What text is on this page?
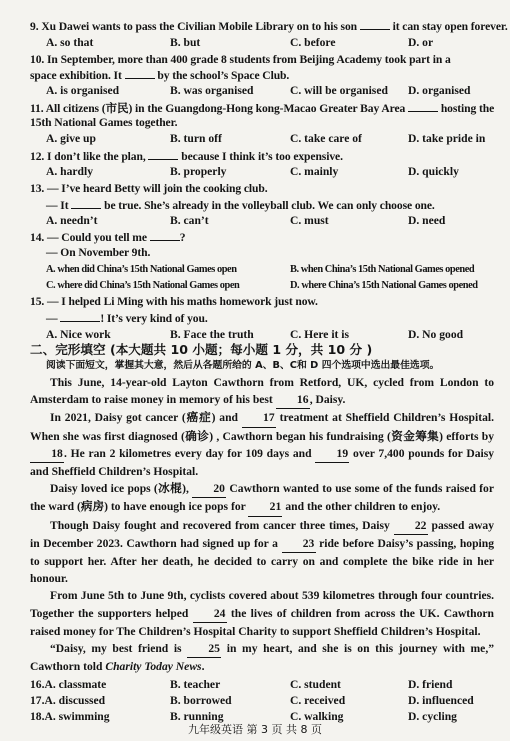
9. Xu Dawei wants to pass the Civilian Mobile Library on to his son	it can stay open forever.
A. so that	B. but	C. before	D. or
10. In September, more than 400 grade 8 students from Beijing Academy took part in a
space exhibition. It	by the school’s Space Club.
A. is organised	B. was organised	C. will be organised D. organised
11. All citizens (市民) in the Guangdong-Hong kong-Macao Greater Bay Area	hosting the
15th National Games together.
A. give up	B. turn off	C. take care of	D. take pride in
12. I don’t like the plan,	because I think it’s too expensive.
A. hardly	B. properly	C. mainly	D. quickly
13. — I’ve heard Betty will join the cooking club.
— It	be true. She’s already in the volleyball club. We can only choose one.
A. needn’t	B. can’t	C. must	D. need
14. — Could you tell me	?
— On November 9th.
A. when did China’s 15th National Games open	B. when China’s 15th National Games opened
C. where did China’s 15th National Games open	D. where China’s 15th National Games opened
15. — I helped Li Ming with his maths homework just now.
—	! It’s very kind of you.
A. Nice work	B. Face the truth	C. Here it is	D. No good
二、完形填空 (本大题共 10 小题；每小题 1 分，共 10 分 )
阅读下面短文，掌握其大意，然后从各题所给的 A、B、C和 D 四个选项中选出最佳选项。

This June, 14-year-old Layton Cawthorn from Retford, UK, cycled from London to Amsterdam to raise money in memory of his best 16, Daisy.

In 2021, Daisy got cancer (癌症) and 17 treatment at Sheffield Children’s Hospital. When she was first diagnosed (确诊) , Cawthorn began his fundraising (资金筹集) efforts by 18. He ran 2 kilometres every day for 109 days and 19 over 7,400 pounds for Daisy and Sheffield Children’s Hospital.

Daisy loved ice pops (冰棍), 20 Cawthorn wanted to use some of the funds raised for the ward (病房) to have enough ice pops for 21 and the other children to enjoy.

Though Daisy fought and recovered from cancer three times, Daisy 22 passed away in December 2023. Cawthorn had signed up for a 23 ride before Daisy’s passing, hoping to support her. After her death, he decided to carry on and complete the bike ride in her honour.

From June 5th to June 9th, cyclists covered about 539 kilometres through four countries. Together the supporters helped 24 the lives of children from across the UK. Cawthorn raised money for The Children’s Hospital Charity to support Sheffield Children’s Hospital.

“Daisy, my best friend is 25 in my heart, and she is on this journey with me,” Cawthorn told Charity Today News.

16.A. classmate	B. teacher	C. student	D. friend
17.A. discussed	B. borrowed	C. received	D. influenced
18.A. swimming	B. running	C. walking	D. cycling
九年级英语 第 3 页 共 8 页
